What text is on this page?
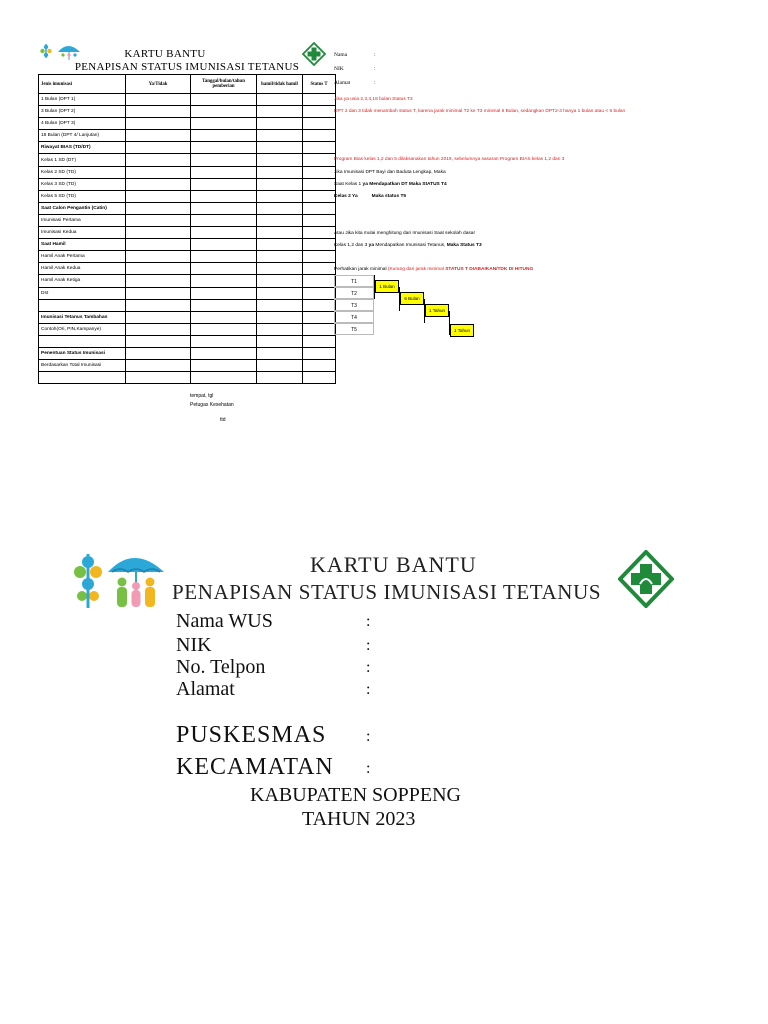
KARTU BANTU
PENAPISAN STATUS IMUNISASI TETANUS
Nama	:
NIK	:
Alamat	:
Jenis imunisasi	Ya/Tidak	Tanggal/bulan/tahun pemberian	hamil/tidak hamil	Status T
1 Bulan (DPT 1)				
3 Bulan (DPT 2)				
4 Bulan (DPT 3)				
18 Bulan (DPT 4/ Lanjutan)				
Riwayat BIAS (TD/DT)				
Kelas 1 SD (DT)				
Kelas 2 SD (TD)				
Kelas 3 SD (TD)				
Kelas 5 SD (TD)				
Saat Calon Pengantin (Catin)				
Imunisasi Pertama				
Imunisasi Kedua				
Saat Hamil				
Hamil Anak Pertama				
Hamil Anak Kedua				
Hamil Anak Ketiga				
Dst				

Imunisasi Tetanus Tambahan				
Contoh(Ori, PIN,Kampanye)				

Penentuan Status Imunisasi				
Berdasarkan Total Imunisasi				

Jika ya usia 2,3,4,18 bulan Status T3
DPT 2 dan 3 tidak menambah status T, karena jarak minimal T2 ke T3 minimal 6 Bulan, sedangkan DPT2-3 hanya 1 bulan atau < 6 bulan
Program Bias kelas 1,2 dan 5 dilaksanakan tahun 2019, sebelumnya sasaran Program BIAS kelas 1,2 dan 3
Jika Imunisasi DPT Bayi dan Baduta Lengkap, Maka
Saat Kelas 1 ya Mendapatkan DT Maka StATUS T4
Kelas 2 Ya	Maka status T5
Atau Jika kita mulai menghitung dari Imunisasi Saat sekolah dasar
Kelas 1,2 dan 3 ya Mendapatkan Imunisasi Tetanus, Maka Status T3
Perhatikan jarak minimal (Kurang dari jarak minimal STATUS T DIABAIKAN/TDK DI HITUNG
T1
T2
T3
T4
T5
1 Bulan
6 Bulan
1 Tahun
1 Tahun
tempat, tgl
Petugas Kesehatan
ttd
KARTU BANTU
PENAPISAN STATUS IMUNISASI TETANUS
Nama WUS	:
NIK	:
No. Telpon	:
Alamat	:
PUSKESMAS :
KECAMATAN :
KABUPATEN SOPPENG
TAHUN 2023
